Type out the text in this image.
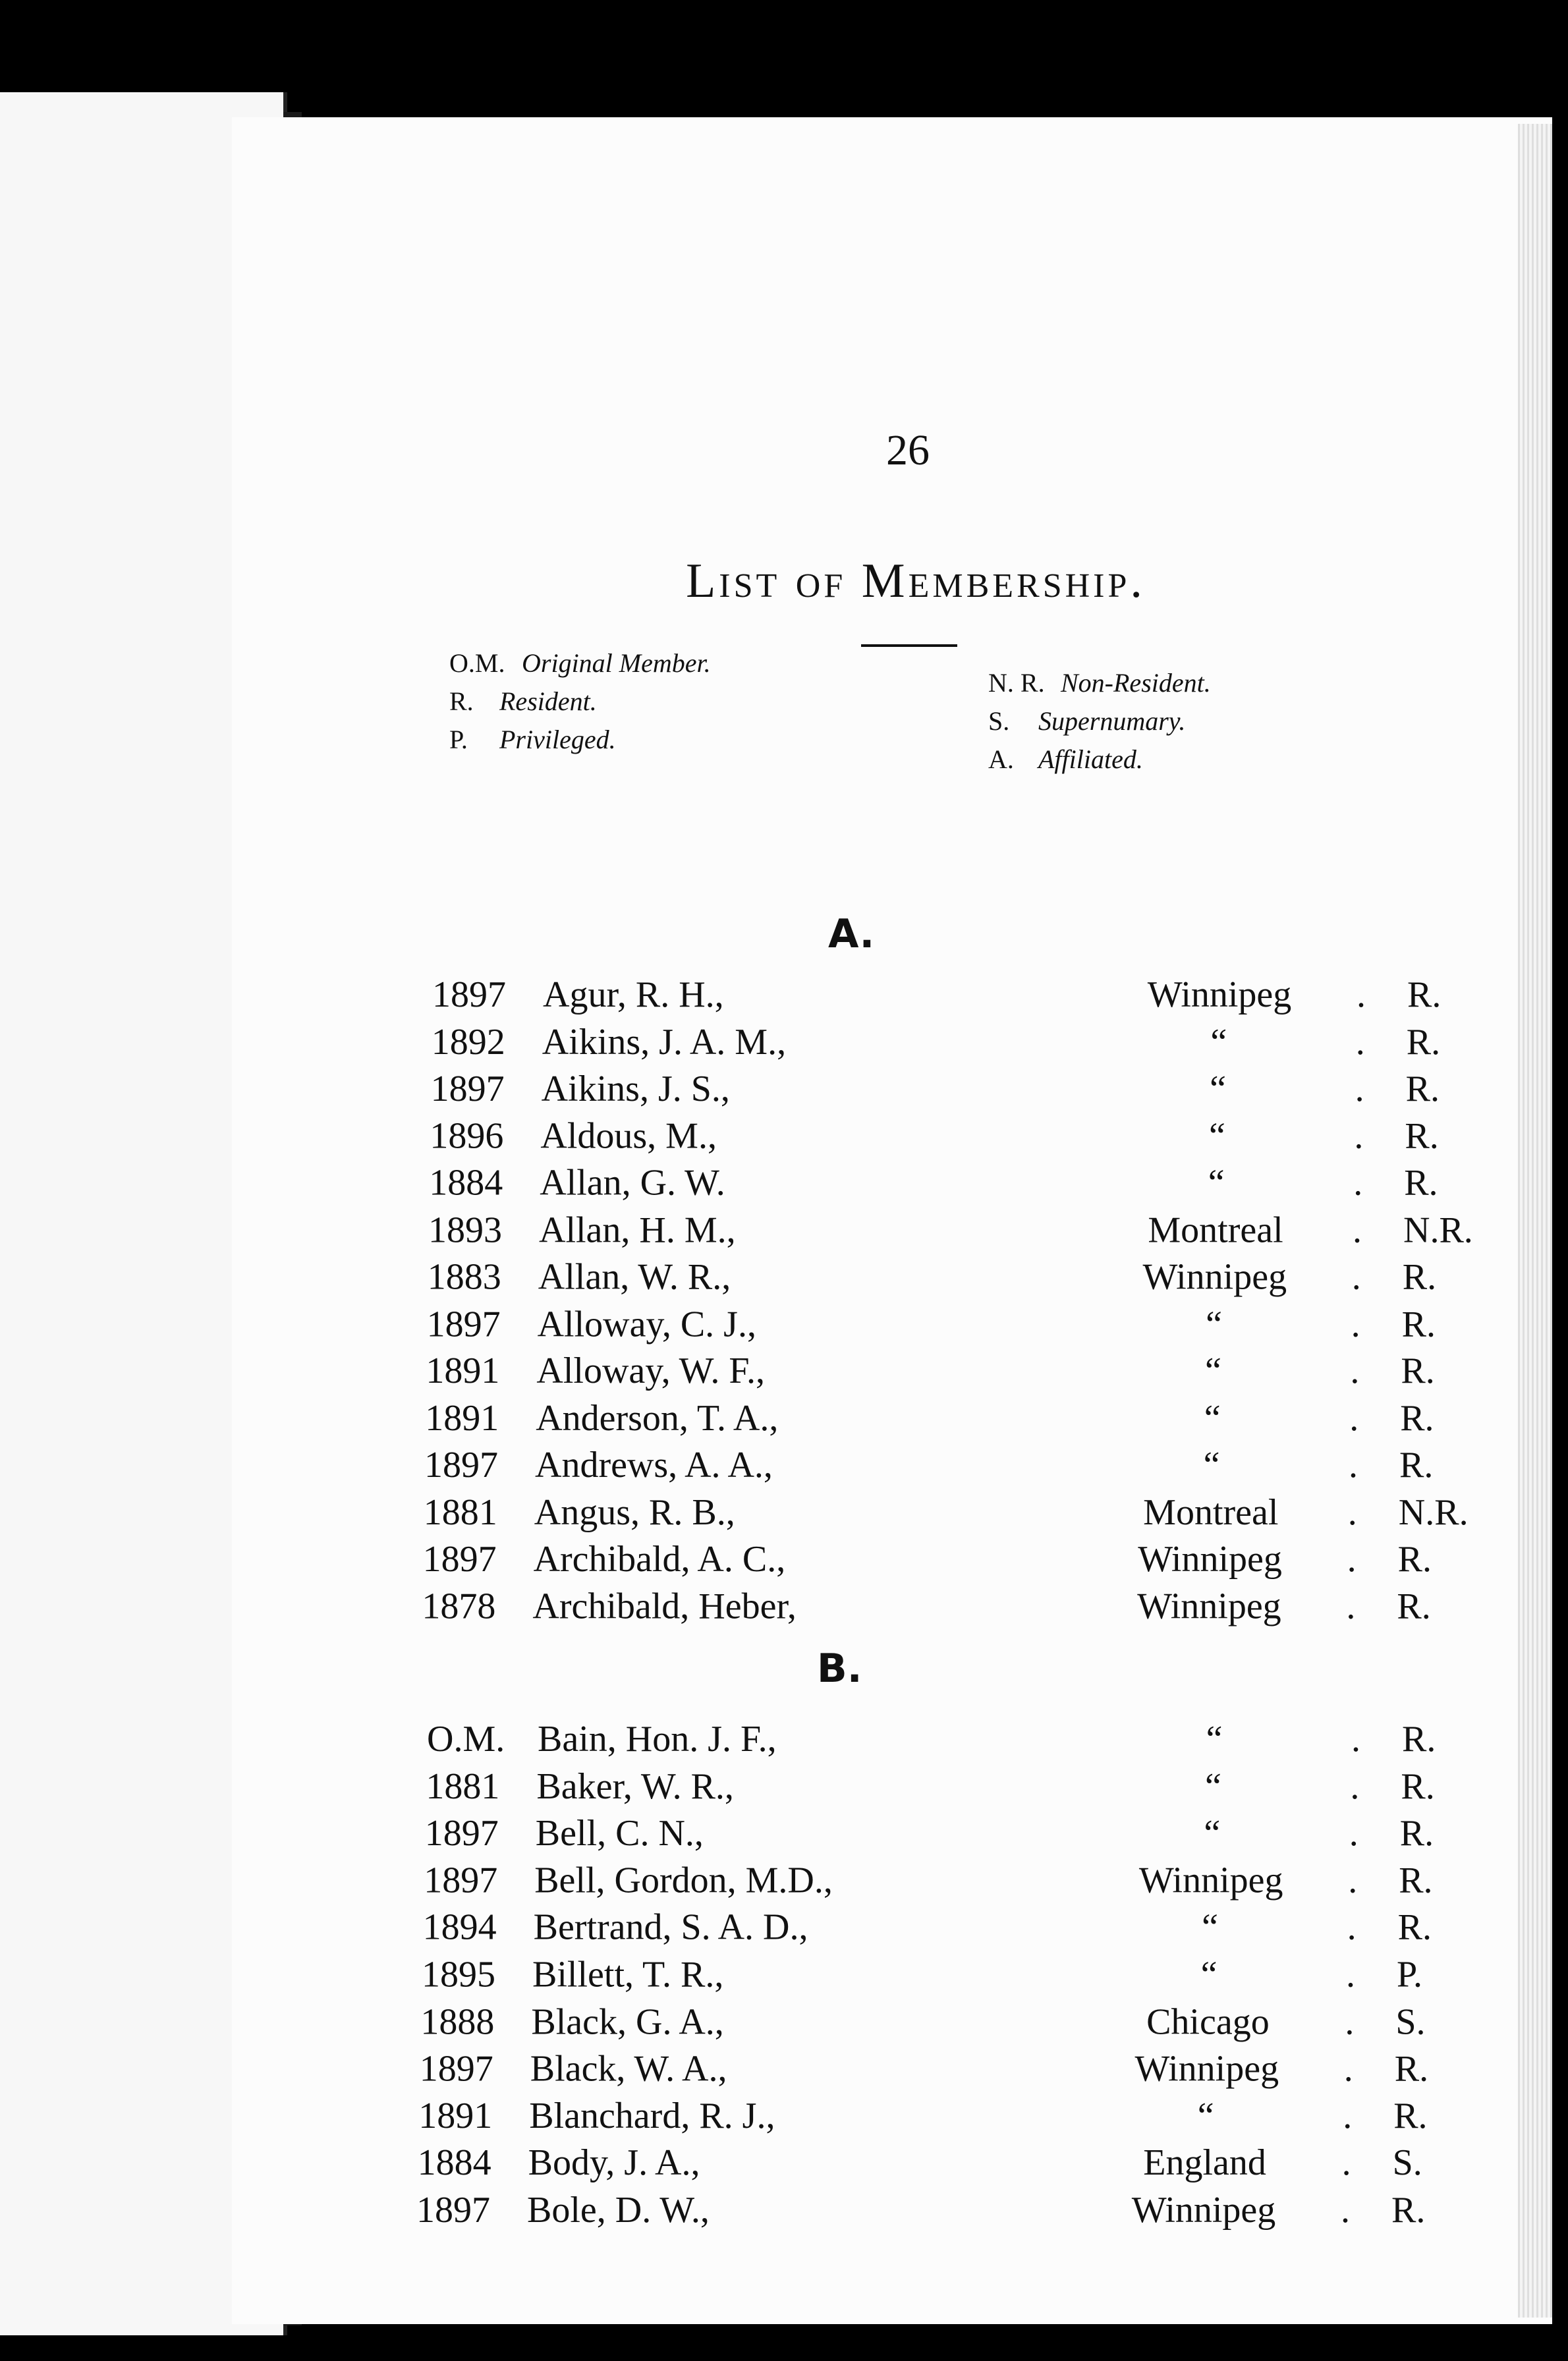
26
List of Membership.
O.M. Original Member.
R. Resident.
P. Privileged.
N. R. Non-Resident.
S. Supernumary.
A. Affiliated.
A.
1897	Agur, R. H.,	Winnipeg	. R.
1892	Aikins, J. A. M.,	“	. R.
1897	Aikins, J. S.,	“	. R.
1896	Aldous, M.,	“	. R.
1884	Allan, G. W.	“	. R.
1893	Allan, H. M.,	Montreal	. N.R.
1883	Allan, W. R.,	Winnipeg	. R.
1897	Alloway, C. J.,	“	. R.
1891	Alloway, W. F.,	“	. R.
1891	Anderson, T. A.,	“	. R.
1897	Andrews, A. A.,	“	. R.
1881	Angus, R. B.,	Montreal	. N.R.
1897	Archibald, A. C.,	Winnipeg	. R.
1878	Archibald, Heber,	Winnipeg	. R.
B.
O.M. Bain, Hon. J. F.,	“	. R.
1881	Baker, W. R.,	“	. R.
1897	Bell, C. N.,	“	. R.
1897	Bell, Gordon, M.D.,	Winnipeg	. R.
1894	Bertrand, S. A. D.,	“	. R.
1895	Billett, T. R.,	“	. P.
1888	Black, G. A.,	Chicago	. S.
1897	Black, W. A.,	Winnipeg	. R.
1891	Blanchard, R. J.,	“	. R.
1884	Body, J. A.,	England	. S.
1897	Bole, D. W.,	Winnipeg	. R.
